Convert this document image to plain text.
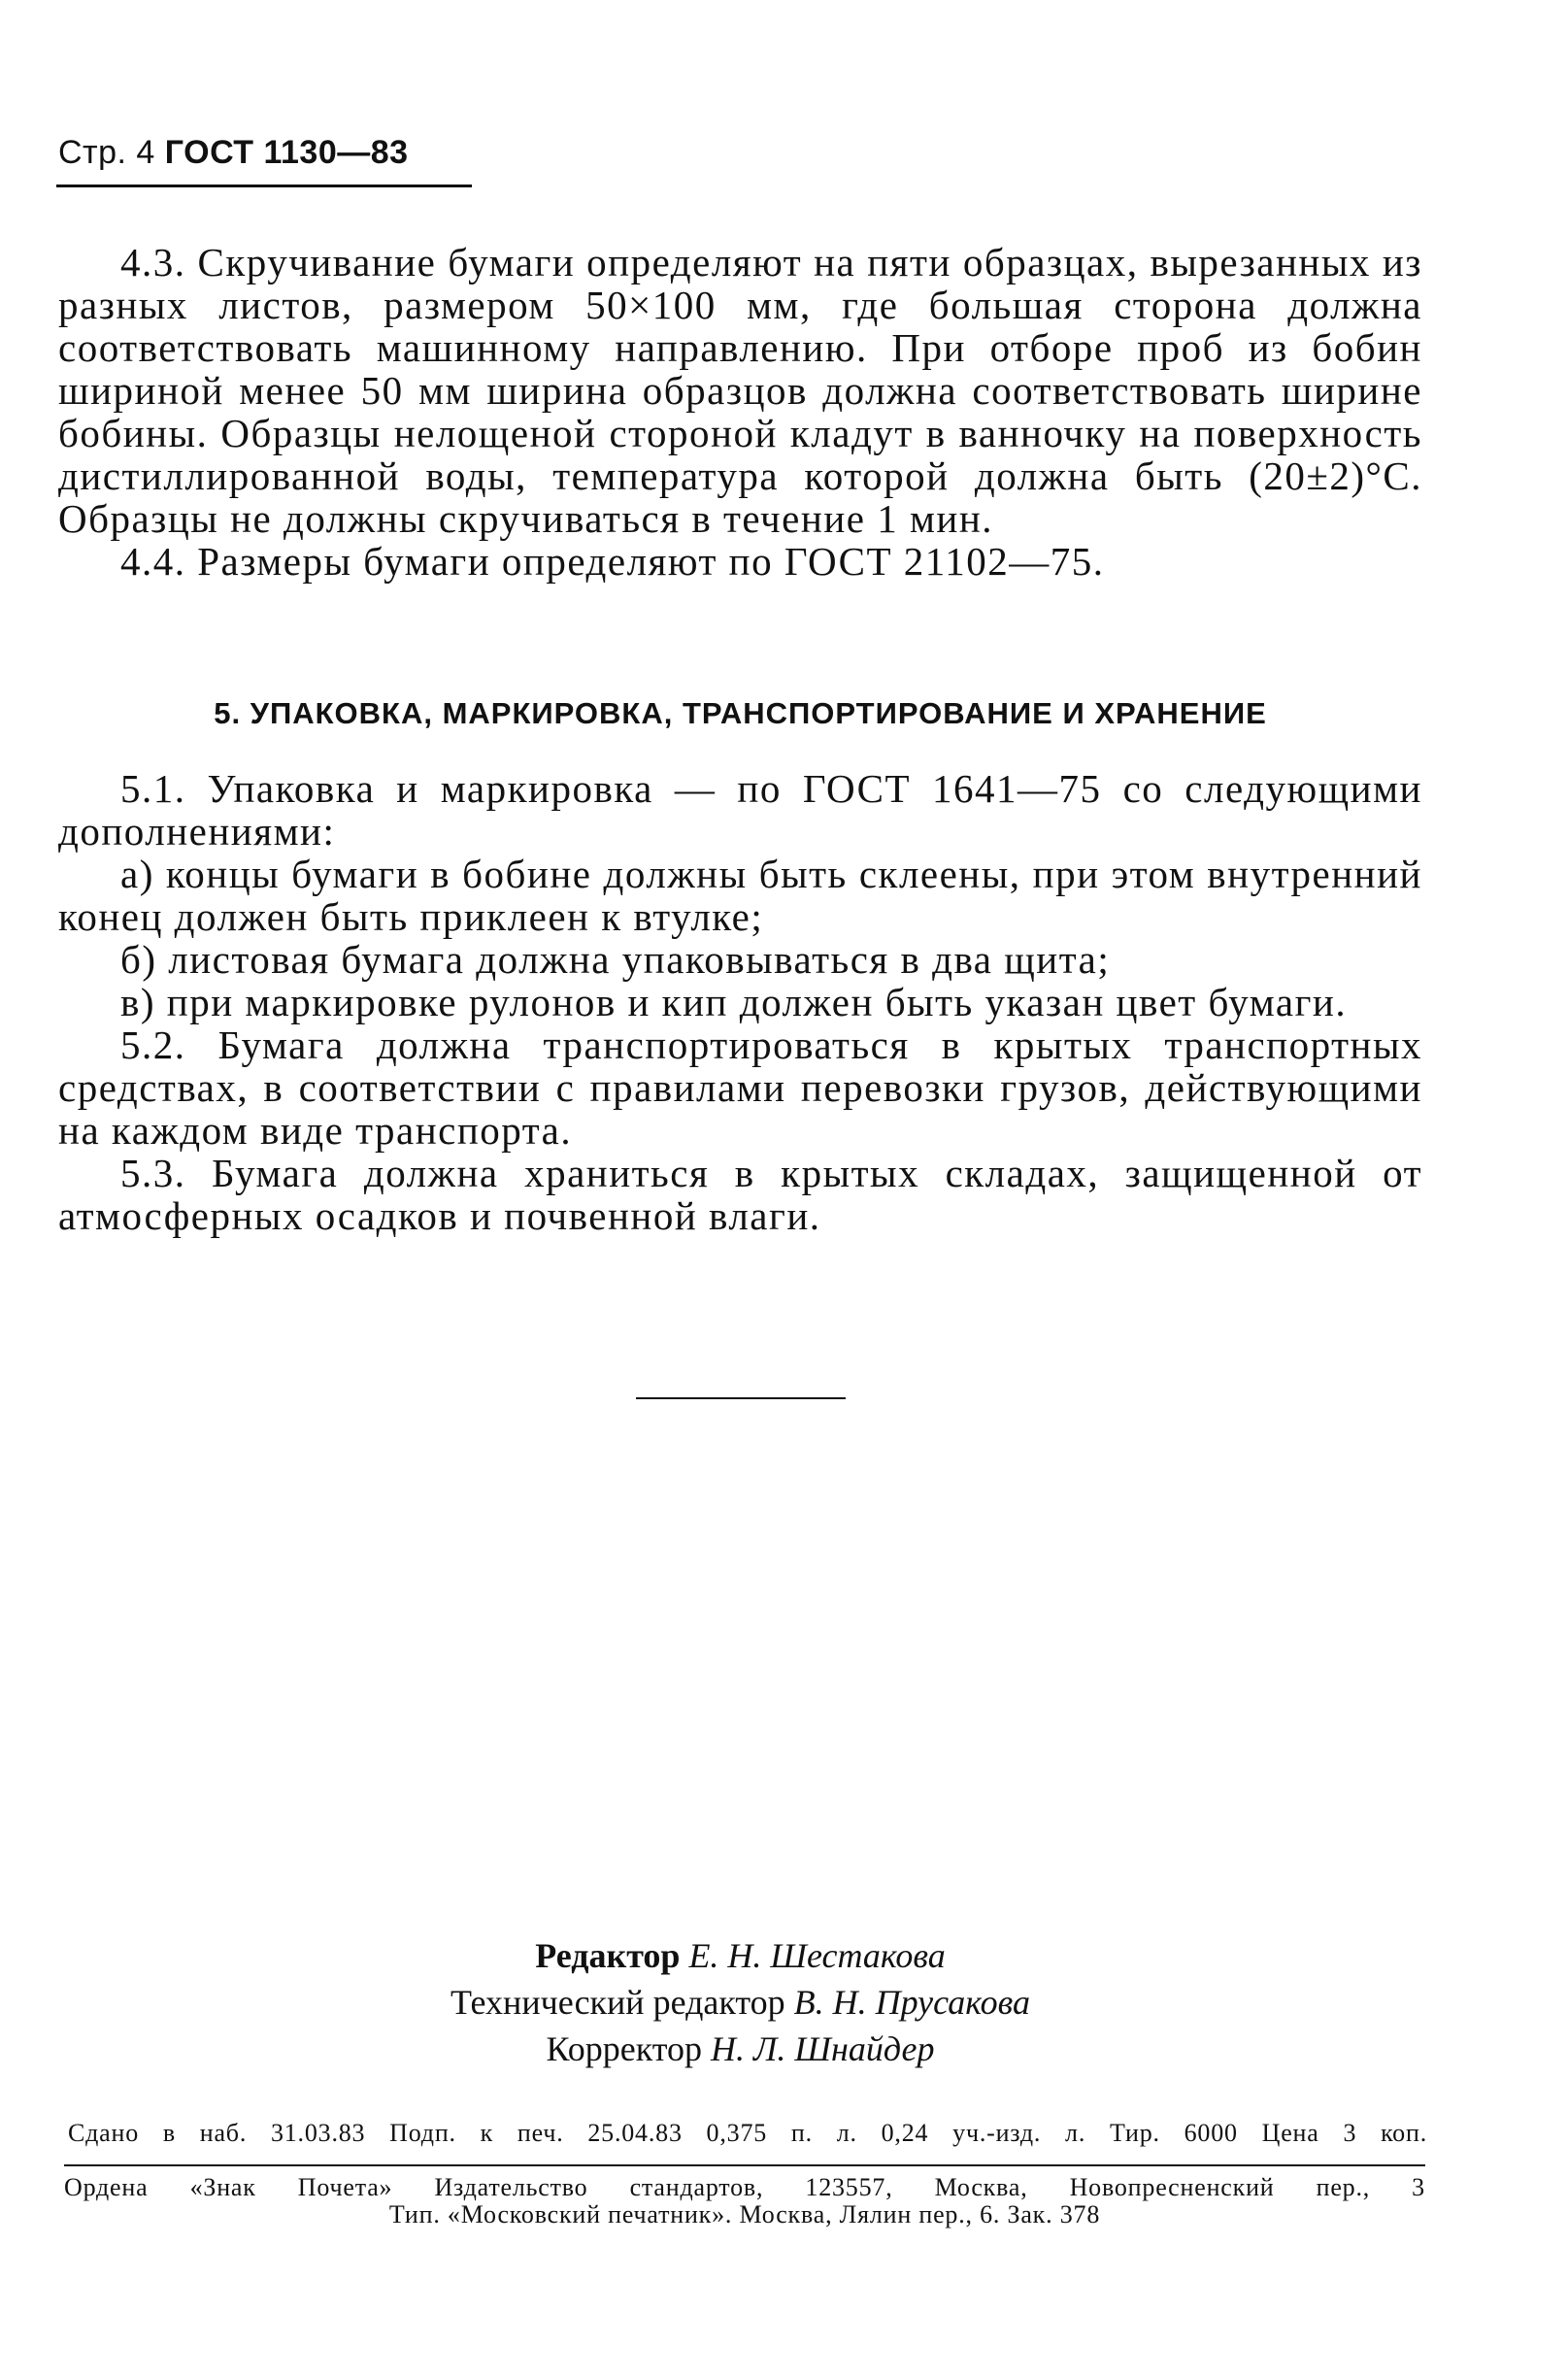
Стр. 4 ГОСТ 1130—83
4.3. Скручивание бумаги определяют на пяти образцах, вырезанных из разных листов, размером 50×100 мм, где большая сторона должна соответствовать машинному направлению. При отборе проб из бобин шириной менее 50 мм ширина образцов должна соответствовать ширине бобины. Образцы нелощеной стороной кладут в ванночку на поверхность дистиллированной воды, температура которой должна быть (20±2)°С. Образцы не должны скручиваться в течение 1 мин.
4.4. Размеры бумаги определяют по ГОСТ 21102—75.
5. УПАКОВКА, МАРКИРОВКА, ТРАНСПОРТИРОВАНИЕ И ХРАНЕНИЕ
5.1. Упаковка и маркировка — по ГОСТ 1641—75 со следующими дополнениями:
а) концы бумаги в бобине должны быть склеены, при этом внутренний конец должен быть приклеен к втулке;
б) листовая бумага должна упаковываться в два щита;
в) при маркировке рулонов и кип должен быть указан цвет бумаги.
5.2. Бумага должна транспортироваться в крытых транспортных средствах, в соответствии с правилами перевозки грузов, действующими на каждом виде транспорта.
5.3. Бумага должна храниться в крытых складах, защищенной от атмосферных осадков и почвенной влаги.
Редактор Е. Н. Шестакова
Технический редактор В. Н. Прусакова
Корректор Н. Л. Шнайдер
Сдано в наб. 31.03.83 Подп. к печ. 25.04.83 0,375 п. л. 0,24 уч.-изд. л. Тир. 6000 Цена 3 коп.
Ордена «Знак Почета» Издательство стандартов, 123557, Москва, Новопресненский пер., 3
Тип. «Московский печатник». Москва, Лялин пер., 6. Зак. 378
